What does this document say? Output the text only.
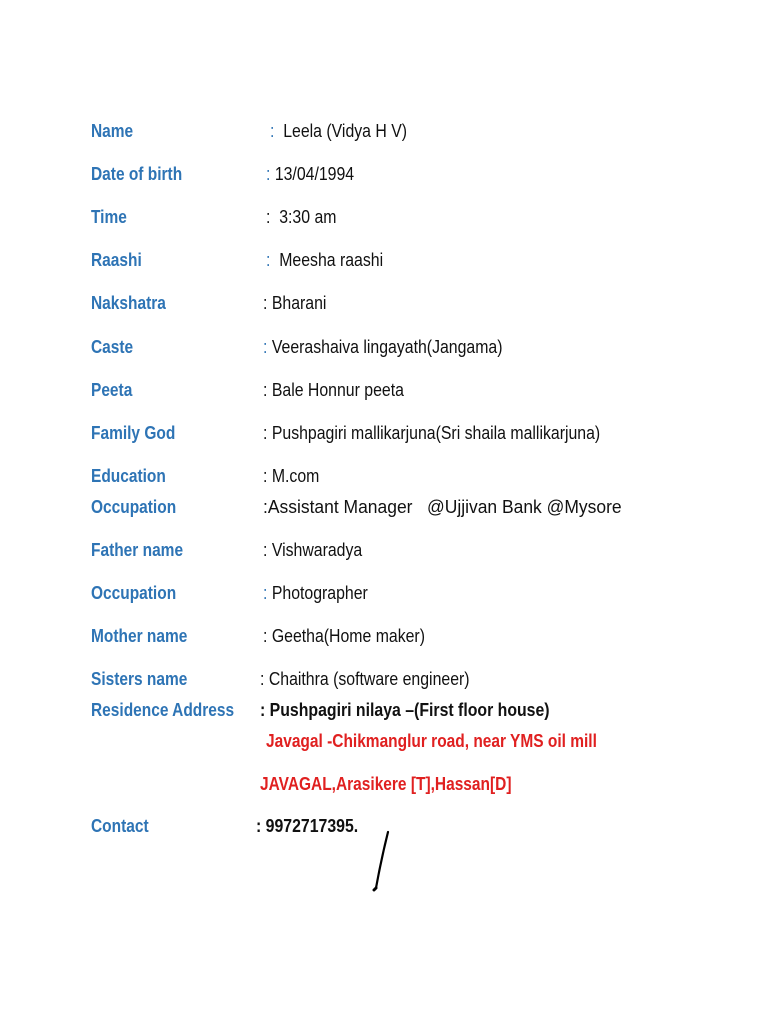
Name	:  Leela (Vidya H V)
Date of birth	: 13/04/1994
Time	:  3:30 am
Raashi	:  Meesha raashi
Nakshatra	: Bharani
Caste	: Veerashaiva lingayath(Jangama)
Peeta	: Bale Honnur peeta
Family God	: Pushpagiri mallikarjuna(Sri shaila mallikarjuna)
Education	: M.com
Occupation	:Assistant Manager   @Ujjivan Bank @Mysore
Father name	: Vishwaradya
Occupation	: Photographer
Mother name	: Geetha(Home maker)
Sisters name	: Chaithra (software engineer)
Residence Address : Pushpagiri nilaya –(First floor house)
Javagal -Chikmanglur road, near YMS oil mill
JAVAGAL,Arasikere [T],Hassan[D]
Contact	: 9972717395.
